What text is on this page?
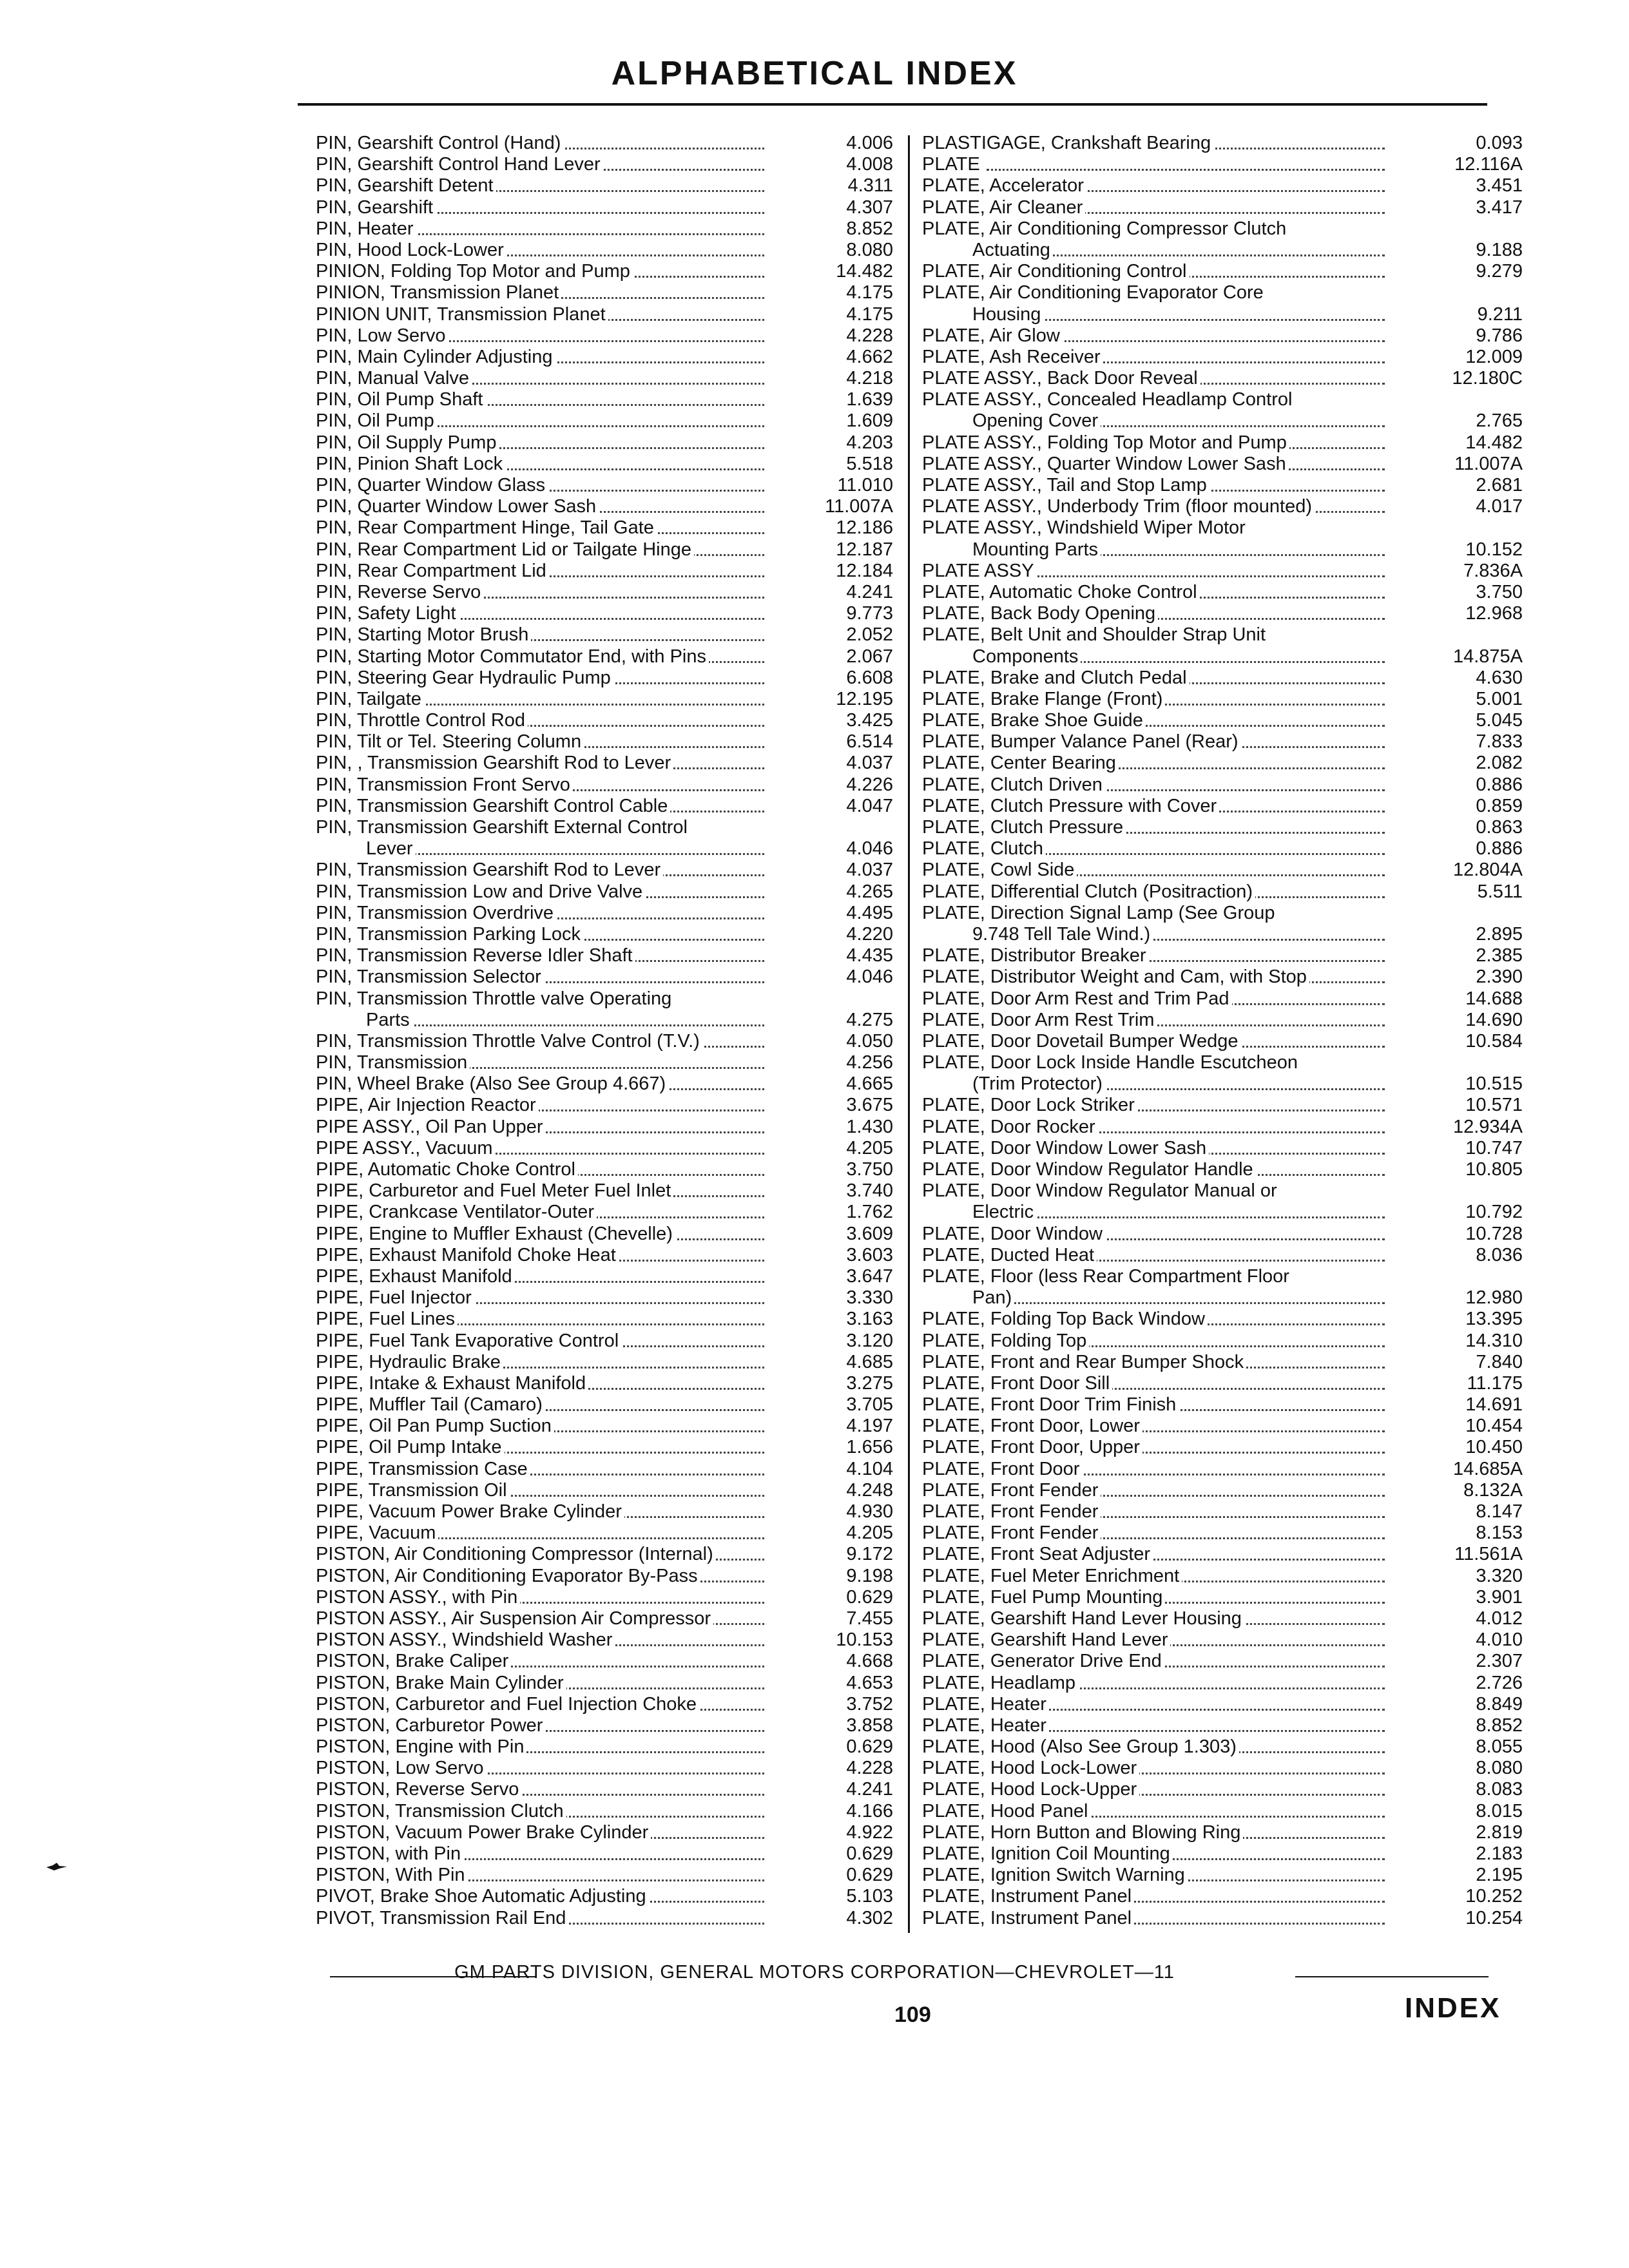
ALPHABETICAL INDEX
PIN, Gearshift Control (Hand)	4.006
PIN, Gearshift Control Hand Lever	4.008
PIN, Gearshift Detent	4.311
PIN, Gearshift	4.307
PIN, Heater	8.852
PIN, Hood Lock-Lower	8.080
PINION, Folding Top Motor and Pump	14.482
PINION, Transmission Planet	4.175
PINION UNIT, Transmission Planet	4.175
PIN, Low Servo	4.228
PIN, Main Cylinder Adjusting	4.662
PIN, Manual Valve	4.218
PIN, Oil Pump Shaft	1.639
PIN, Oil Pump	1.609
PIN, Oil Supply Pump	4.203
PIN, Pinion Shaft Lock	5.518
PIN, Quarter Window Glass	11.010
PIN, Quarter Window Lower Sash	11.007A
PIN, Rear Compartment Hinge, Tail Gate	12.186
PIN, Rear Compartment Lid or Tailgate Hinge	12.187
PIN, Rear Compartment Lid	12.184
PIN, Reverse Servo	4.241
PIN, Safety Light	9.773
PIN, Starting Motor Brush	2.052
PIN, Starting Motor Commutator End, with Pins	2.067
PIN, Steering Gear Hydraulic Pump	6.608
PIN, Tailgate	12.195
PIN, Throttle Control Rod	3.425
PIN, Tilt or Tel. Steering Column	6.514
PIN, , Transmission Gearshift Rod to Lever	4.037
PIN, Transmission Front Servo	4.226
PIN, Transmission Gearshift Control Cable	4.047
PIN, Transmission Gearshift External Control
Lever	4.046
PIN, Transmission Gearshift Rod to Lever	4.037
PIN, Transmission Low and Drive Valve	4.265
PIN, Transmission Overdrive	4.495
PIN, Transmission Parking Lock	4.220
PIN, Transmission Reverse Idler Shaft	4.435
PIN, Transmission Selector	4.046
PIN, Transmission Throttle valve Operating
Parts	4.275
PIN, Transmission Throttle Valve Control (T.V.)	4.050
PIN, Transmission	4.256
PIN, Wheel Brake (Also See Group 4.667)	4.665
PIPE, Air Injection Reactor	3.675
PIPE ASSY., Oil Pan Upper	1.430
PIPE ASSY., Vacuum	4.205
PIPE, Automatic Choke Control	3.750
PIPE, Carburetor and Fuel Meter Fuel Inlet	3.740
PIPE, Crankcase Ventilator-Outer	1.762
PIPE, Engine to Muffler Exhaust (Chevelle)	3.609
PIPE, Exhaust Manifold Choke Heat	3.603
PIPE, Exhaust Manifold	3.647
PIPE, Fuel Injector	3.330
PIPE, Fuel Lines	3.163
PIPE, Fuel Tank Evaporative Control	3.120
PIPE, Hydraulic Brake	4.685
PIPE, Intake & Exhaust Manifold	3.275
PIPE, Muffler Tail (Camaro)	3.705
PIPE, Oil Pan Pump Suction	4.197
PIPE, Oil Pump Intake	1.656
PIPE, Transmission Case	4.104
PIPE, Transmission Oil	4.248
PIPE, Vacuum Power Brake Cylinder	4.930
PIPE, Vacuum	4.205
PISTON, Air Conditioning Compressor (Internal)	9.172
PISTON, Air Conditioning Evaporator By-Pass	9.198
PISTON ASSY., with Pin	0.629
PISTON ASSY., Air Suspension Air Compressor	7.455
PISTON ASSY., Windshield Washer	10.153
PISTON, Brake Caliper	4.668
PISTON, Brake Main Cylinder	4.653
PISTON, Carburetor and Fuel Injection Choke	3.752
PISTON, Carburetor Power	3.858
PISTON, Engine with Pin	0.629
PISTON, Low Servo	4.228
PISTON, Reverse Servo	4.241
PISTON, Transmission Clutch	4.166
PISTON, Vacuum Power Brake Cylinder	4.922
PISTON, with Pin	0.629
PISTON, With Pin	0.629
PIVOT, Brake Shoe Automatic Adjusting	5.103
PIVOT, Transmission Rail End	4.302
PLASTIGAGE, Crankshaft Bearing	0.093
PLATE	12.116A
PLATE, Accelerator	3.451
PLATE, Air Cleaner	3.417
PLATE, Air Conditioning Compressor Clutch
Actuating	9.188
PLATE, Air Conditioning Control	9.279
PLATE, Air Conditioning Evaporator Core
Housing	9.211
PLATE, Air Glow	9.786
PLATE, Ash Receiver	12.009
PLATE ASSY., Back Door Reveal	12.180C
PLATE ASSY., Concealed Headlamp Control
Opening Cover	2.765
PLATE ASSY., Folding Top Motor and Pump	14.482
PLATE ASSY., Quarter Window Lower Sash	11.007A
PLATE ASSY., Tail and Stop Lamp	2.681
PLATE ASSY., Underbody Trim (floor mounted)	4.017
PLATE ASSY., Windshield Wiper Motor
Mounting Parts	10.152
PLATE ASSY	7.836A
PLATE, Automatic Choke Control	3.750
PLATE, Back Body Opening	12.968
PLATE, Belt Unit and Shoulder Strap Unit
Components	14.875A
PLATE, Brake and Clutch Pedal	4.630
PLATE, Brake Flange (Front)	5.001
PLATE, Brake Shoe Guide	5.045
PLATE, Bumper Valance Panel (Rear)	7.833
PLATE, Center Bearing	2.082
PLATE, Clutch Driven	0.886
PLATE, Clutch Pressure with Cover	0.859
PLATE, Clutch Pressure	0.863
PLATE, Clutch	0.886
PLATE, Cowl Side	12.804A
PLATE, Differential Clutch (Positraction)	5.511
PLATE, Direction Signal Lamp (See Group
9.748 Tell Tale Wind.)	2.895
PLATE, Distributor Breaker	2.385
PLATE, Distributor Weight and Cam, with Stop	2.390
PLATE, Door Arm Rest and Trim Pad	14.688
PLATE, Door Arm Rest Trim	14.690
PLATE, Door Dovetail Bumper Wedge	10.584
PLATE, Door Lock Inside Handle Escutcheon
(Trim Protector)	10.515
PLATE, Door Lock Striker	10.571
PLATE, Door Rocker	12.934A
PLATE, Door Window Lower Sash	10.747
PLATE, Door Window Regulator Handle	10.805
PLATE, Door Window Regulator Manual or
Electric	10.792
PLATE, Door Window	10.728
PLATE, Ducted Heat	8.036
PLATE, Floor (less Rear Compartment Floor
Pan)	12.980
PLATE, Folding Top Back Window	13.395
PLATE, Folding Top	14.310
PLATE, Front and Rear Bumper Shock	7.840
PLATE, Front Door Sill	11.175
PLATE, Front Door Trim Finish	14.691
PLATE, Front Door, Lower	10.454
PLATE, Front Door, Upper	10.450
PLATE, Front Door	14.685A
PLATE, Front Fender	8.132A
PLATE, Front Fender	8.147
PLATE, Front Fender	8.153
PLATE, Front Seat Adjuster	11.561A
PLATE, Fuel Meter Enrichment	3.320
PLATE, Fuel Pump Mounting	3.901
PLATE, Gearshift Hand Lever Housing	4.012
PLATE, Gearshift Hand Lever	4.010
PLATE, Generator Drive End	2.307
PLATE, Headlamp	2.726
PLATE, Heater	8.849
PLATE, Heater	8.852
PLATE, Hood (Also See Group 1.303)	8.055
PLATE, Hood Lock-Lower	8.080
PLATE, Hood Lock-Upper	8.083
PLATE, Hood Panel	8.015
PLATE, Horn Button and Blowing Ring	2.819
PLATE, Ignition Coil Mounting	2.183
PLATE, Ignition Switch Warning	2.195
PLATE, Instrument Panel	10.252
PLATE, Instrument Panel	10.254
GM PARTS DIVISION, GENERAL MOTORS CORPORATION—CHEVROLET—11
109	INDEX
